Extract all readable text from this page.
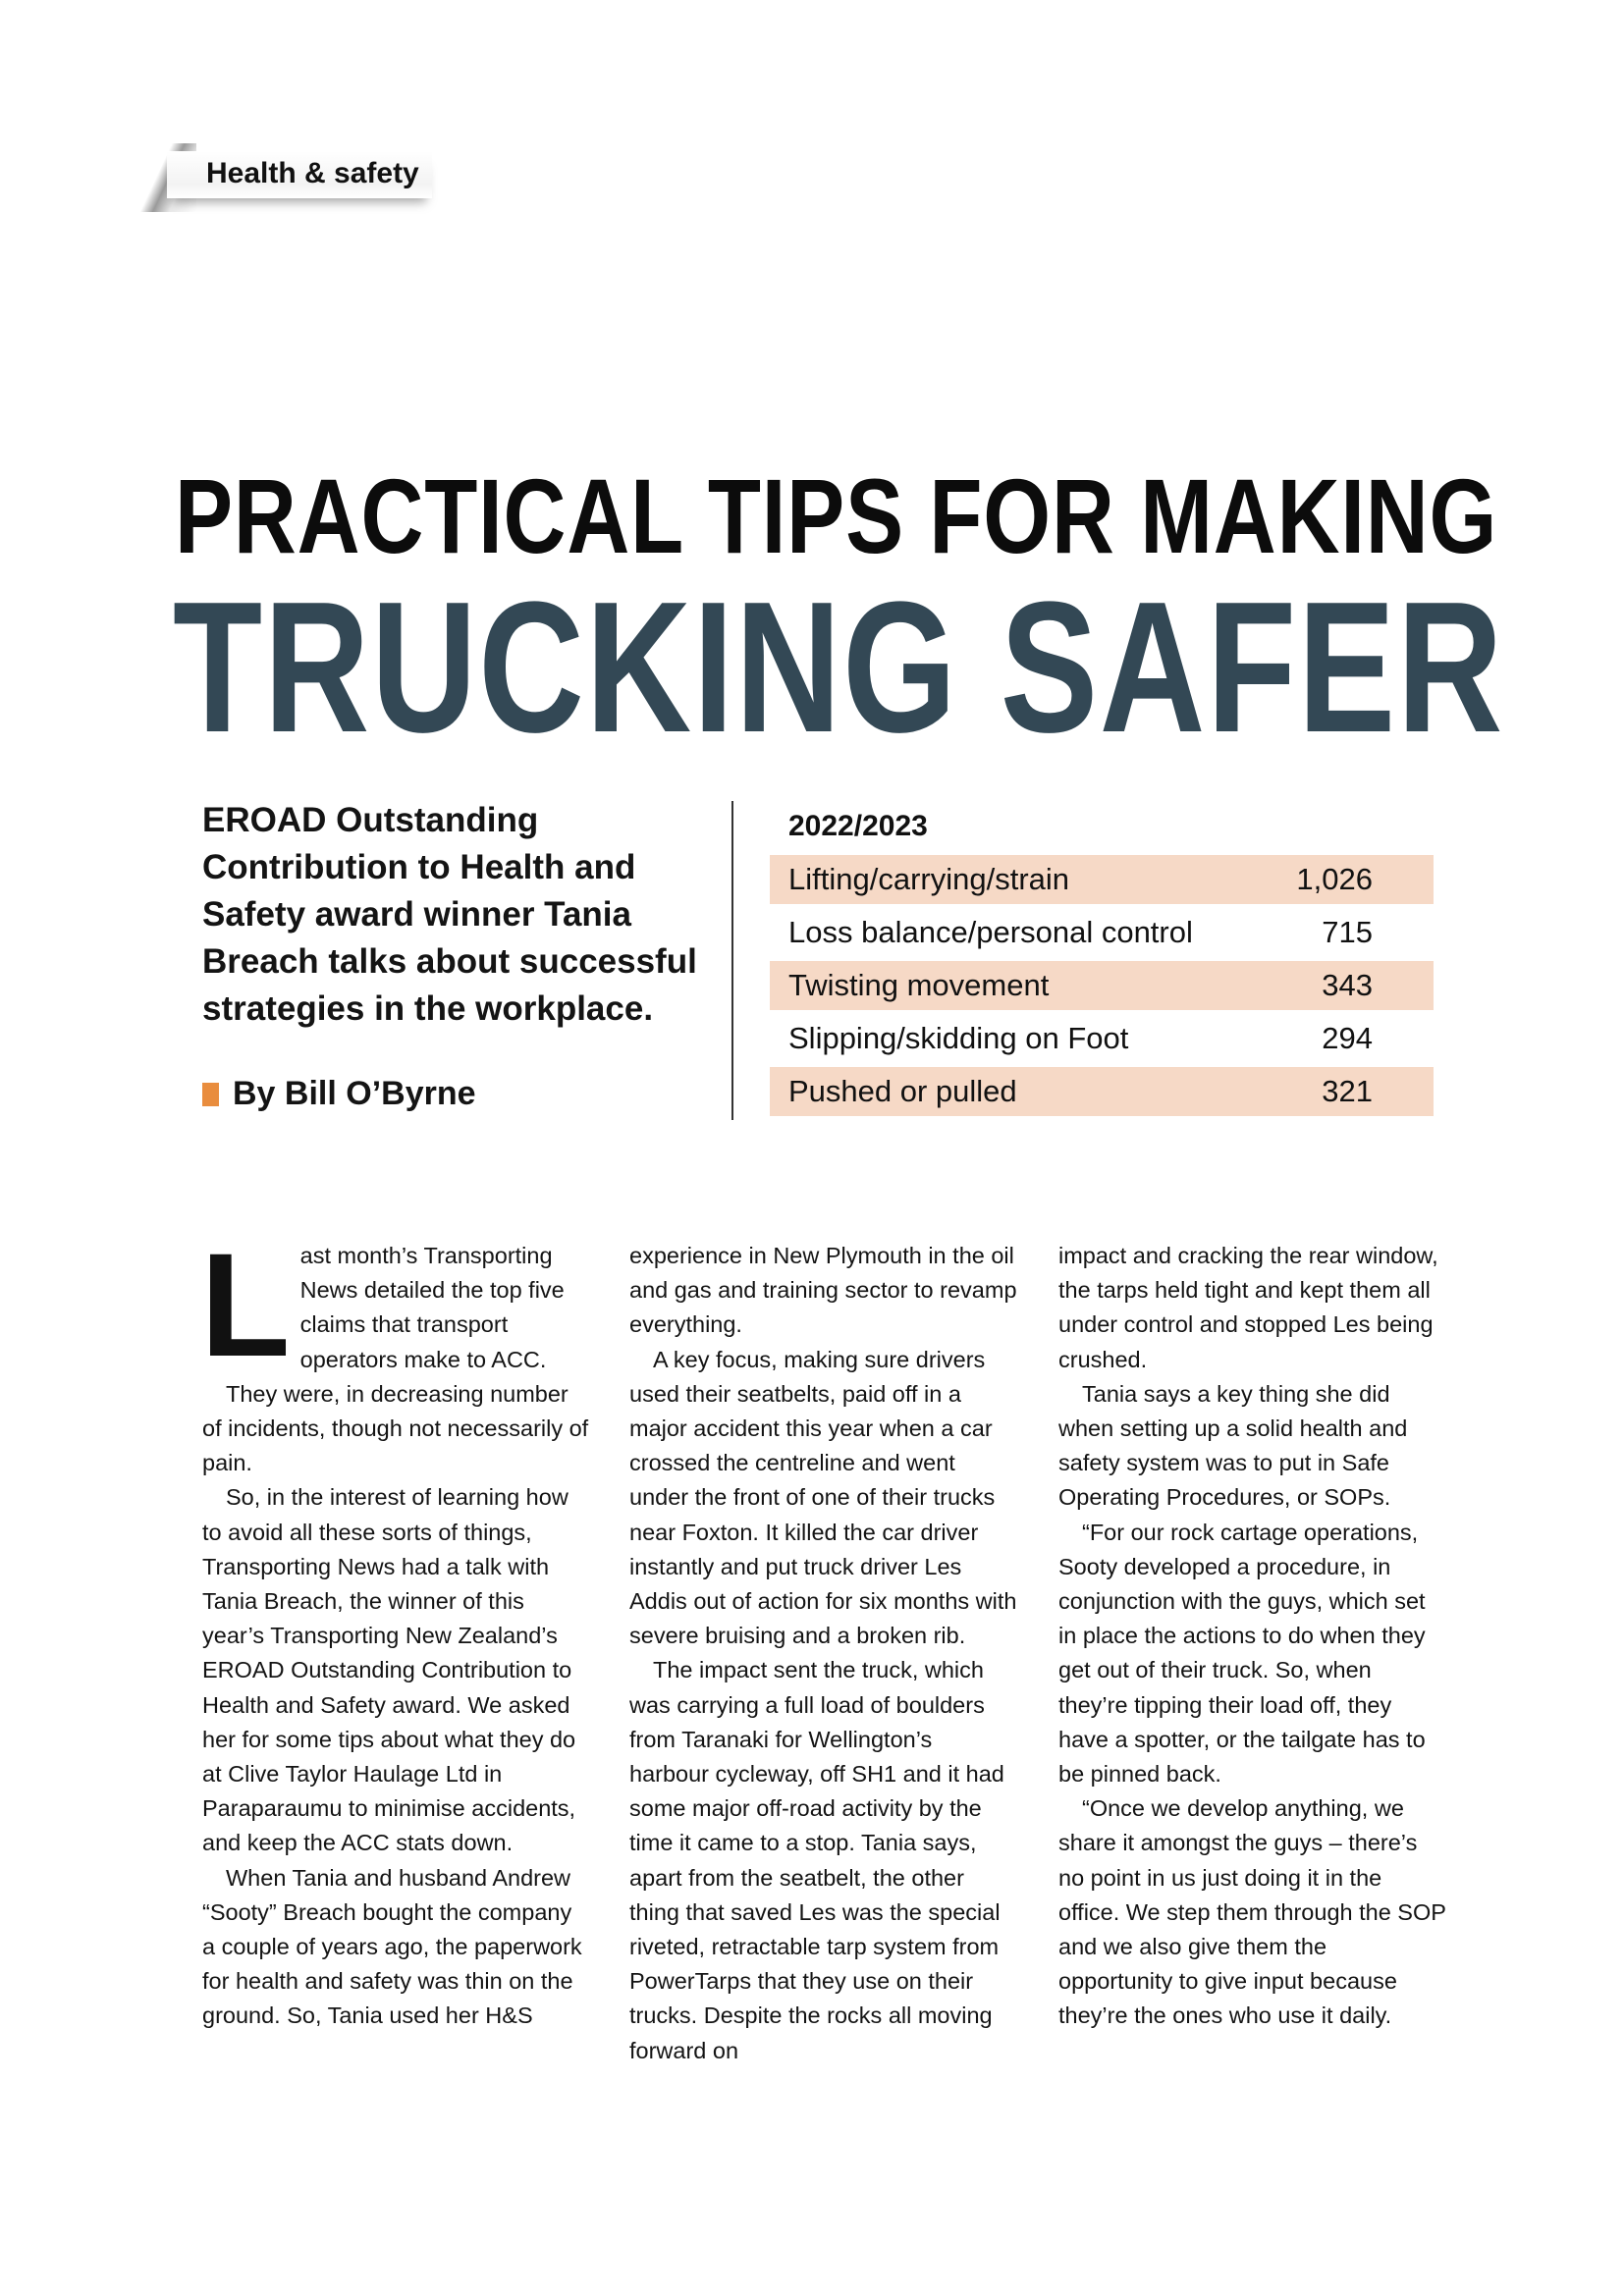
Health & safety
PRACTICAL TIPS FOR MAKING
TRUCKING SAFER
EROAD Outstanding Contribution to Health and Safety award winner Tania Breach talks about successful strategies in the workplace.
By Bill O’Byrne
2022/2023
Lifting/carrying/strain	1,026
Loss balance/personal control	715
Twisting movement	343
Slipping/skidding on Foot	294
Pushed or pulled	321
L ast month’s Transporting News detailed the top five claims that transport operators make to ACC.

They were, in decreasing number of incidents, though not necessarily of pain.

So, in the interest of learning how to avoid all these sorts of things, Transporting News had a talk with Tania Breach, the winner of this year’s Transporting New Zealand’s EROAD Outstanding Contribution to Health and Safety award. We asked her for some tips about what they do at Clive Taylor Haulage Ltd in Paraparaumu to minimise accidents, and keep the ACC stats down.

When Tania and husband Andrew “Sooty” Breach bought the company a couple of years ago, the paperwork for health and safety was thin on the ground. So, Tania used her H&S

experience in New Plymouth in the oil and gas and training sector to revamp everything.

A key focus, making sure drivers used their seatbelts, paid off in a major accident this year when a car crossed the centreline and went under the front of one of their trucks near Foxton. It killed the car driver instantly and put truck driver Les Addis out of action for six months with severe bruising and a broken rib.

The impact sent the truck, which was carrying a full load of boulders from Taranaki for Wellington’s harbour cycleway, off SH1 and it had some major off-road activity by the time it came to a stop. Tania says, apart from the seatbelt, the other thing that saved Les was the special riveted, retractable tarp system from PowerTarps that they use on their trucks. Despite the rocks all moving forward on

impact and cracking the rear window, the tarps held tight and kept them all under control and stopped Les being crushed.

Tania says a key thing she did when setting up a solid health and safety system was to put in Safe Operating Procedures, or SOPs.

“For our rock cartage operations, Sooty developed a procedure, in conjunction with the guys, which set in place the actions to do when they get out of their truck. So, when they’re tipping their load off, they have a spotter, or the tailgate has to be pinned back.

“Once we develop anything, we share it amongst the guys – there’s no point in us just doing it in the office. We step them through the SOP and we also give them the opportunity to give input because they’re the ones who use it daily.
